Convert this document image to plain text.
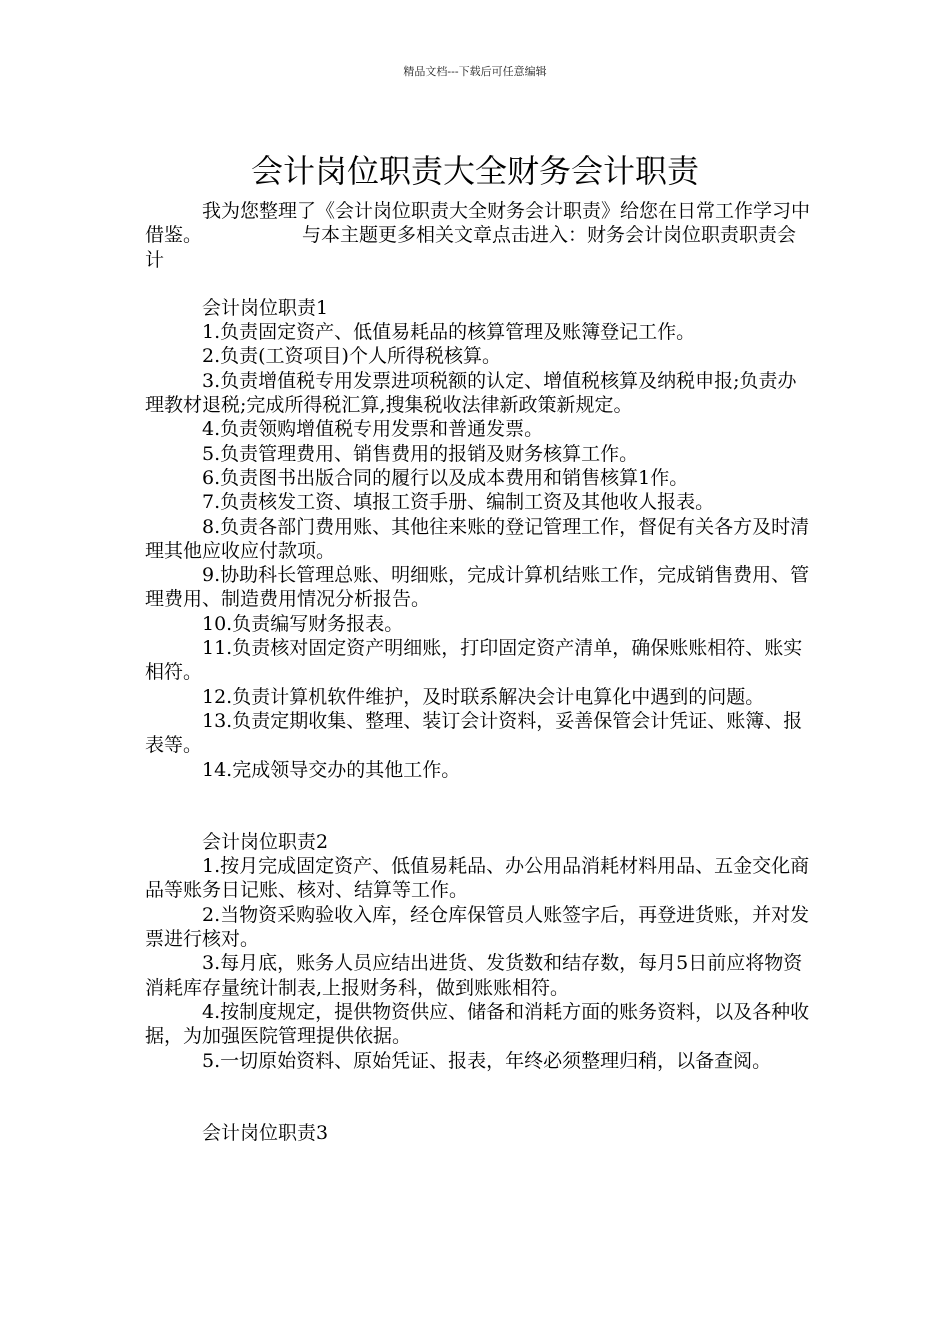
精品文档---下载后可任意编辑
会计岗位职责大全财务会计职责

我为您整理了《会计岗位职责大全财务会计职责》给您在日常工作学习中借鉴。	与本主题更多相关文章点击进入：财务会计岗位职责职责会计

会计岗位职责1

1.负责固定资产、低值易耗品的核算管理及账簿登记工作。

2.负责(工资项目)个人所得税核算。

3.负责增值税专用发票进项税额的认定、增值税核算及纳税申报;负责办理教材退税;完成所得税汇算,搜集税收法律新政策新规定。

4.负责领购增值税专用发票和普通发票。

5.负责管理费用、销售费用的报销及财务核算工作。

6.负责图书出版合同的履行以及成本费用和销售核算1作。

7.负责核发工资、填报工资手册、编制工资及其他收人报表。

8.负责各部门费用账、其他往来账的登记管理工作，督促有关各方及时清理其他应收应付款项。

9.协助科长管理总账、明细账，完成计算机结账工作，完成销售费用、管理费用、制造费用情况分析报告。

10.负责编写财务报表。

11.负责核对固定资产明细账，打印固定资产清单，确保账账相符、账实相符。

12.负责计算机软件维护，及时联系解决会计电算化中遇到的问题。

13.负责定期收集、整理、装订会计资料，妥善保管会计凭证、账簿、报表等。

14.完成领导交办的其他工作。

会计岗位职责2

1.按月完成固定资产、低值易耗品、办公用品消耗材料用品、五金交化商品等账务日记账、核对、结算等工作。

2.当物资采购验收入库，经仓库保管员人账签字后，再登进货账，并对发票进行核对。

3.每月底，账务人员应结出进货、发货数和结存数，每月5日前应将物资消耗库存量统计制表,上报财务科，做到账账相符。

4.按制度规定，提供物资供应、储备和消耗方面的账务资料，以及各种收据，为加强医院管理提供依据。

5.一切原始资料、原始凭证、报表，年终必须整理归稍，以备查阅。

会计岗位职责3
